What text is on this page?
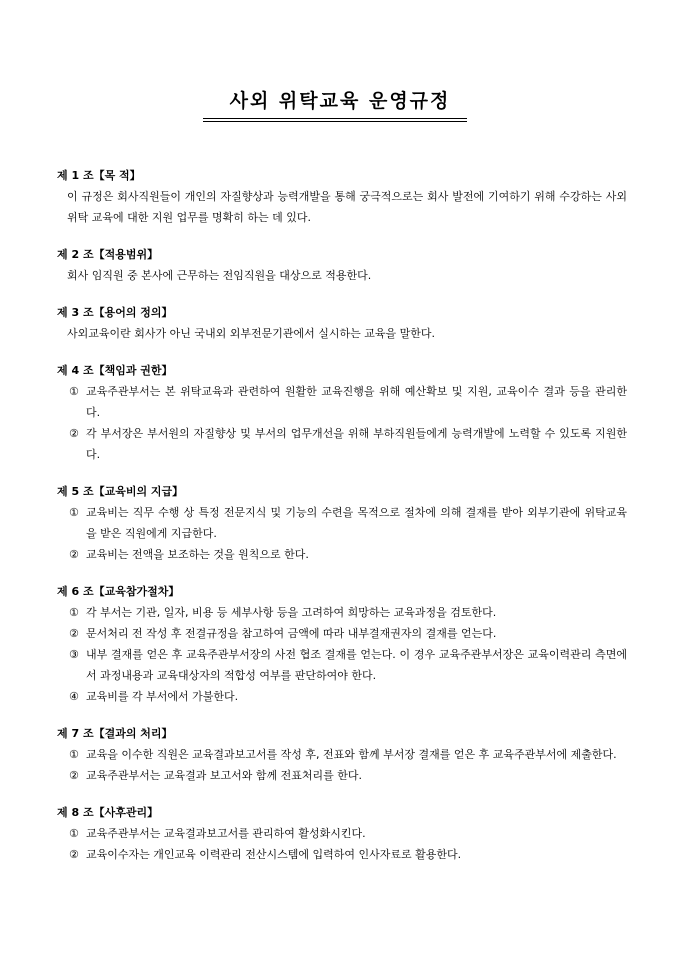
사외 위탁교육 운영규정
제 1 조【목 적】
이 규정은 회사직원들이 개인의 자질향상과 능력개발을 통해 궁극적으로는 회사 발전에 기여하기 위해 수강하는 사외위탁 교육에 대한 지원 업무를 명확히 하는 데 있다.
제 2 조【적용범위】
회사 임직원 중 본사에 근무하는 전임직원을 대상으로 적용한다.
제 3 조【용어의 정의】
사외교육이란 회사가 아닌 국내외 외부전문기관에서 실시하는 교육을 말한다.
제 4 조【책임과 권한】
① 교육주관부서는 본 위탁교육과 관련하여 원활한 교육진행을 위해 예산확보 및 지원, 교육이수 결과 등을 관리한다.
② 각 부서장은 부서원의 자질향상 및 부서의 업무개선을 위해 부하직원들에게 능력개발에 노력할 수 있도록 지원한다.
제 5 조【교육비의 지급】
① 교육비는 직무 수행 상 특정 전문지식 및 기능의 수련을 목적으로 절차에 의해 결재를 받아 외부기관에 위탁교육을 받은 직원에게 지급한다.
② 교육비는 전액을 보조하는 것을 원칙으로 한다.
제 6 조【교육참가절차】
① 각 부서는 기관, 일자, 비용 등 세부사항 등을 고려하여 희망하는 교육과정을 검토한다.
② 문서처리 전 작성 후 전결규정을 참고하여 금액에 따라 내부결재권자의 결재를 얻는다.
③ 내부 결재를 얻은 후 교육주관부서장의 사전 협조 결재를 얻는다. 이 경우 교육주관부서장은 교육이력관리 측면에서 과정내용과 교육대상자의 적합성 여부를 판단하여야 한다.
④ 교육비를 각 부서에서 가불한다.
제 7 조【결과의 처리】
① 교육을 이수한 직원은 교육결과보고서를 작성 후, 전표와 함께 부서장 결재를 얻은 후 교육주관부서에 제출한다.
② 교육주관부서는 교육결과 보고서와 함께 전표처리를 한다.
제 8 조【사후관리】
① 교육주관부서는 교육결과보고서를 관리하여 활성화시킨다.
② 교육이수자는 개인교육 이력관리 전산시스템에 입력하여 인사자료로 활용한다.
